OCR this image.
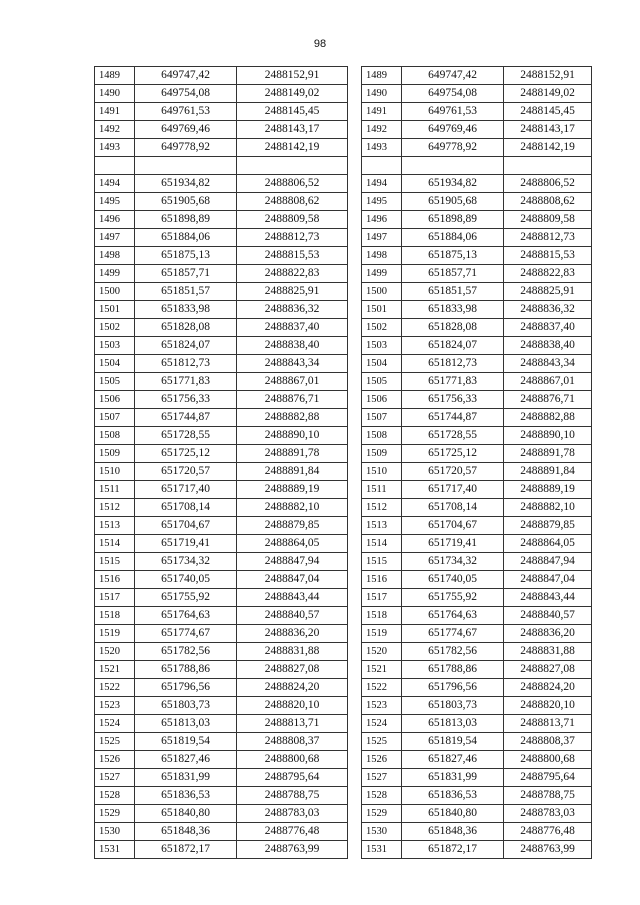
98
1489	649747,42	2488152,91
1490	649754,08	2488149,02
1491	649761,53	2488145,45
1492	649769,46	2488143,17
1493	649778,92	2488142,19

1494	651934,82	2488806,52
1495	651905,68	2488808,62
1496	651898,89	2488809,58
1497	651884,06	2488812,73
1498	651875,13	2488815,53
1499	651857,71	2488822,83
1500	651851,57	2488825,91
1501	651833,98	2488836,32
1502	651828,08	2488837,40
1503	651824,07	2488838,40
1504	651812,73	2488843,34
1505	651771,83	2488867,01
1506	651756,33	2488876,71
1507	651744,87	2488882,88
1508	651728,55	2488890,10
1509	651725,12	2488891,78
1510	651720,57	2488891,84
1511	651717,40	2488889,19
1512	651708,14	2488882,10
1513	651704,67	2488879,85
1514	651719,41	2488864,05
1515	651734,32	2488847,94
1516	651740,05	2488847,04
1517	651755,92	2488843,44
1518	651764,63	2488840,57
1519	651774,67	2488836,20
1520	651782,56	2488831,88
1521	651788,86	2488827,08
1522	651796,56	2488824,20
1523	651803,73	2488820,10
1524	651813,03	2488813,71
1525	651819,54	2488808,37
1526	651827,46	2488800,68
1527	651831,99	2488795,64
1528	651836,53	2488788,75
1529	651840,80	2488783,03
1530	651848,36	2488776,48
1531	651872,17	2488763,99
1489	649747,42	2488152,91
1490	649754,08	2488149,02
1491	649761,53	2488145,45
1492	649769,46	2488143,17
1493	649778,92	2488142,19

1494	651934,82	2488806,52
1495	651905,68	2488808,62
1496	651898,89	2488809,58
1497	651884,06	2488812,73
1498	651875,13	2488815,53
1499	651857,71	2488822,83
1500	651851,57	2488825,91
1501	651833,98	2488836,32
1502	651828,08	2488837,40
1503	651824,07	2488838,40
1504	651812,73	2488843,34
1505	651771,83	2488867,01
1506	651756,33	2488876,71
1507	651744,87	2488882,88
1508	651728,55	2488890,10
1509	651725,12	2488891,78
1510	651720,57	2488891,84
1511	651717,40	2488889,19
1512	651708,14	2488882,10
1513	651704,67	2488879,85
1514	651719,41	2488864,05
1515	651734,32	2488847,94
1516	651740,05	2488847,04
1517	651755,92	2488843,44
1518	651764,63	2488840,57
1519	651774,67	2488836,20
1520	651782,56	2488831,88
1521	651788,86	2488827,08
1522	651796,56	2488824,20
1523	651803,73	2488820,10
1524	651813,03	2488813,71
1525	651819,54	2488808,37
1526	651827,46	2488800,68
1527	651831,99	2488795,64
1528	651836,53	2488788,75
1529	651840,80	2488783,03
1530	651848,36	2488776,48
1531	651872,17	2488763,99
